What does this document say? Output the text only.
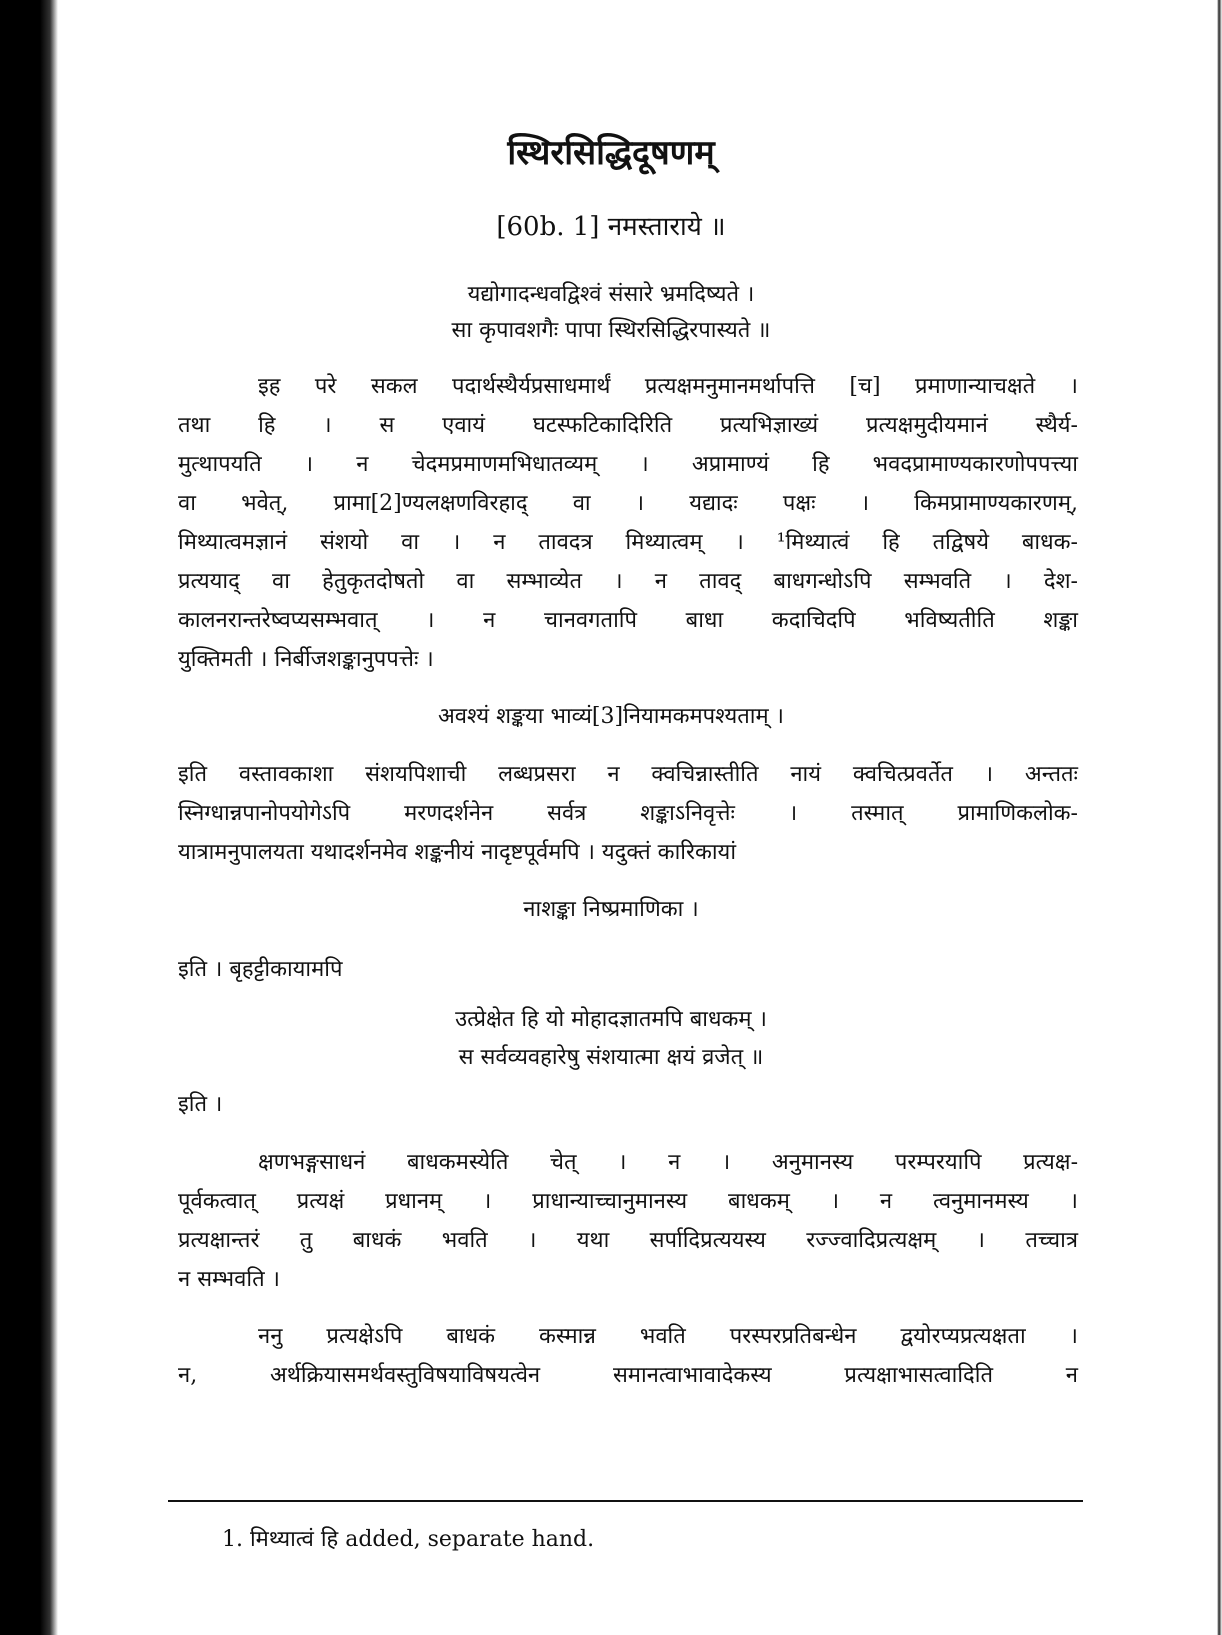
स्थिरसिद्धिदूषणम्
[60b. 1] नमस्ताराये ॥
यद्योगादन्धवद्विश्वं संसारे भ्रमदिष्यते ।
सा कृपावशगैः पापा स्थिरसिद्धिरपास्यते ॥
इह परे सकल पदार्थस्थैर्यप्रसाधमार्थं प्रत्यक्षमनुमानमर्थापत्ति [च] प्रमाणान्याचक्षते ।
तथा हि । स एवायं घटस्फटिकादिरिति प्रत्यभिज्ञाख्यं प्रत्यक्षमुदीयमानं स्थैर्य-
मुत्थापयति । न चेदमप्रमाणमभिधातव्यम् । अप्रामाण्यं हि भवदप्रामाण्यकारणोपपत्त्या
वा भवेत्, प्रामा[2]ण्यलक्षणविरहाद् वा । यद्यादः पक्षः । किमप्रामाण्यकारणम्,
मिथ्यात्वमज्ञानं संशयो वा । न तावदत्र मिथ्यात्वम् । ¹मिथ्यात्वं हि तद्विषये बाधक-
प्रत्ययाद् वा हेतुकृतदोषतो वा सम्भाव्येत । न तावद् बाधगन्धोऽपि सम्भवति । देश-
कालनरान्तरेष्वप्यसम्भवात् । न चानवगतापि बाधा कदाचिदपि भविष्यतीति शङ्का
युक्तिमती । निर्बीजशङ्कानुपपत्तेः ।
अवश्यं शङ्कया भाव्यं[3]नियामकमपश्यताम् ।
इति वस्तावकाशा संशयपिशाची लब्धप्रसरा न क्वचिन्नास्तीति नायं क्वचित्प्रवर्तेत । अन्ततः
स्निग्धान्नपानोपयोगेऽपि मरणदर्शनेन सर्वत्र शङ्काऽनिवृत्तेः । तस्मात् प्रामाणिकलोक-
यात्रामनुपालयता यथादर्शनमेव शङ्कनीयं नादृष्टपूर्वमपि । यदुक्तं कारिकायां
नाशङ्का निष्प्रमाणिका ।
इति । बृहट्टीकायामपि
उत्प्रेक्षेत हि यो मोहादज्ञातमपि बाधकम् ।
स सर्वव्यवहारेषु संशयात्मा क्षयं व्रजेत् ॥
इति ।
क्षणभङ्गसाधनं बाधकमस्येति चेत् । न । अनुमानस्य परम्परयापि प्रत्यक्ष-
पूर्वकत्वात् प्रत्यक्षं प्रधानम् । प्राधान्याच्चानुमानस्य बाधकम् । न त्वनुमानमस्य ।
प्रत्यक्षान्तरं तु बाधकं भवति । यथा सर्पादिप्रत्ययस्य रज्ज्वादिप्रत्यक्षम् । तच्चात्र
न सम्भवति ।
ननु प्रत्यक्षेऽपि बाधकं कस्मान्न भवति परस्परप्रतिबन्धेन द्वयोरप्यप्रत्यक्षता ।
न, अर्थक्रियासमर्थवस्तुविषयाविषयत्वेन समानत्वाभावादेकस्य प्रत्यक्षाभासत्वादिति न
1. मिथ्यात्वं हि added, separate hand.
